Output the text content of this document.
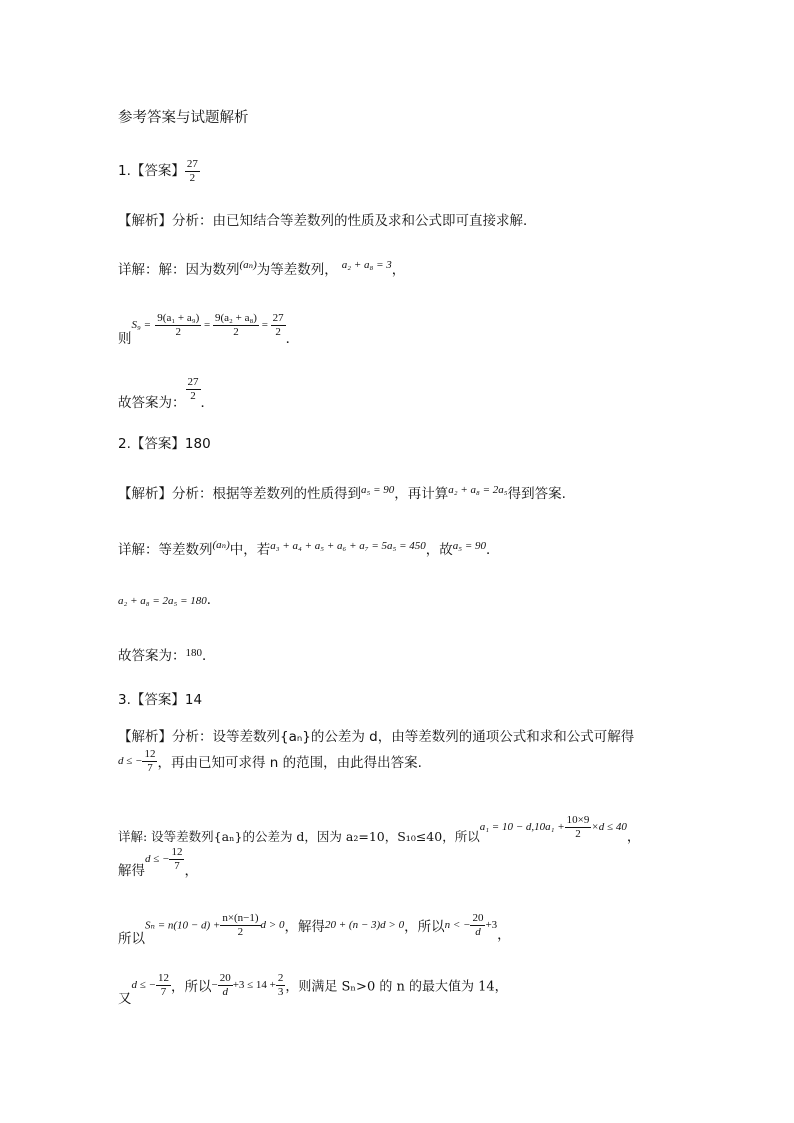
参考答案与试题解析
1.【答案】 $\frac{27}{2}$
【解析】分析：由已知结合等差数列的性质及求和公式即可直接求解．
详解：解：因为数列$^{(a_n)}$为等差数列， $^{a_2 + a_8 = 3}$，
则$S_9 = \frac{\text{9(a₁ + a₉)}}{2} = \frac{\text{9(a₂ + a₈)}}{2} = \frac{27}{2}$
．
故答案为：
$\frac{27}{2}$
．
2.【答案】180
【解析】分析：根据等差数列的性质得到$^{a_5 = 90}$，再计算$^{a_2 + a_8 = 2a_5}$得到答案.
详解：等差数列$^{(a_n)}$中，若$^{a_3 + a_4 + a_5 + a_6 + a_7 = 5a_5 = 450}$，故$^{a_5 = 90}$．
a₂ + a₈ = 2a₅ = 180．
故答案为：$^{180}$．
3.【答案】14
【解析】分析：设等差数列{aₙ}的公差为 d，由等差数列的通项公式和求和公式可解得
d ≤ − $\frac{12}{7}$ ，再由已知可求得 n 的范围，由此得出答案.
详解: 设等差数列{aₙ}的公差为 d，因为 a₂=10，S₁₀≤40，所以$a_1 = 10 - d,10a_1 + \frac{10\times 9}{2} \times d \le 40$，
解得d ≤ − $\frac{12}{7}$ ，
所以$S_n = n(10 - d) + \frac{n\times(n-1)}{2}$ d > 0，解得20 + (n − 3)d > 0，所以n < − $\frac{20}{d} +3$，
又d ≤ − $\frac{12}{7}$ ，所以− $\frac{20}{d} +3 \le 14 + \frac{2}{3}$ ，则满足 Sₙ>0 的 n 的最大值为 14，
